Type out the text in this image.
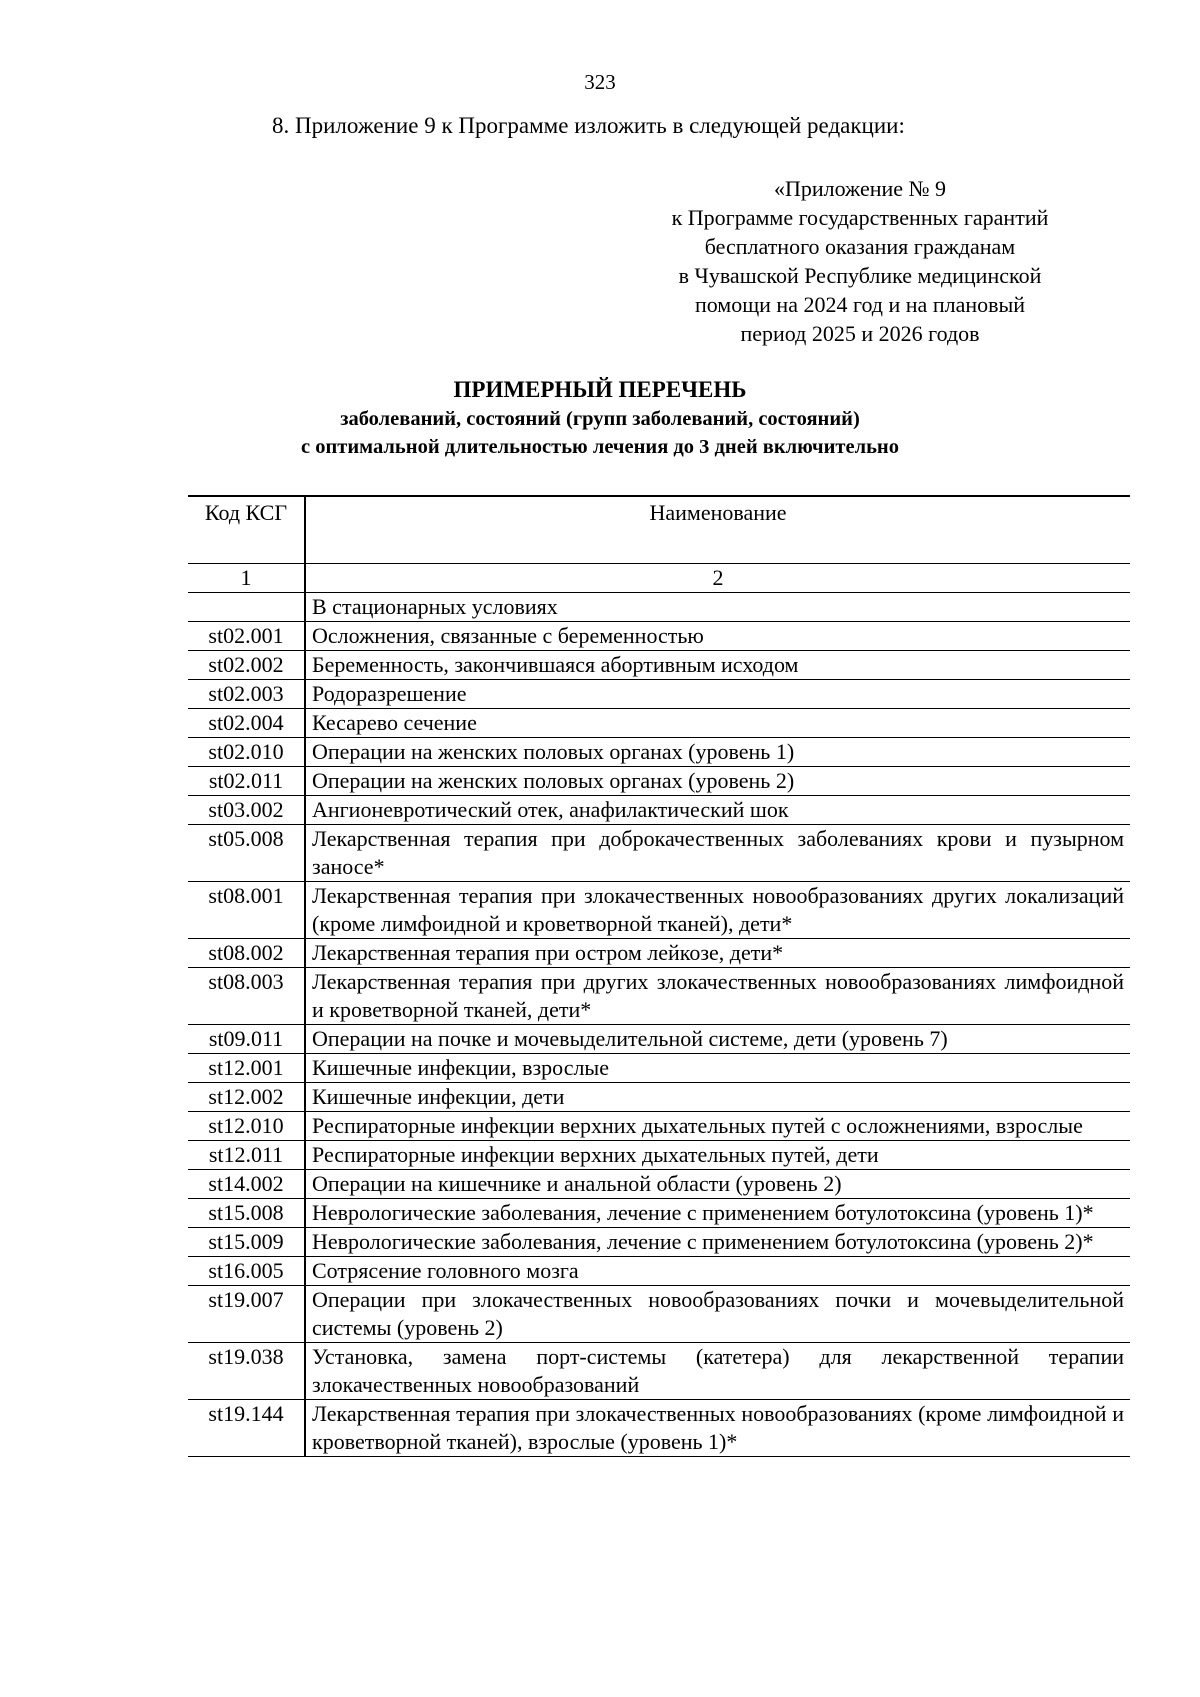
323
8. Приложение 9 к Программе изложить в следующей редакции:
«Приложение № 9
к Программе государственных гарантий
бесплатного оказания гражданам
в Чувашской Республике медицинской
помощи на 2024 год и на плановый
период 2025 и 2026 годов
ПРИМЕРНЫЙ ПЕРЕЧЕНЬ
заболеваний, состояний (групп заболеваний, состояний)
с оптимальной длительностью лечения до 3 дней включительно
Код КСГ	Наименование
1	2
	В стационарных условиях
st02.001	Осложнения, связанные с беременностью
st02.002	Беременность, закончившаяся абортивным исходом
st02.003	Родоразрешение
st02.004	Кесарево сечение
st02.010	Операции на женских половых органах (уровень 1)
st02.011	Операции на женских половых органах (уровень 2)
st03.002	Ангионевротический отек, анафилактический шок
st05.008	Лекарственная терапия при доброкачественных заболеваниях крови и пузырном заносе*
st08.001	Лекарственная терапия при злокачественных новообразованиях других локализаций (кроме лимфоидной и кроветворной тканей), дети*
st08.002	Лекарственная терапия при остром лейкозе, дети*
st08.003	Лекарственная терапия при других злокачественных новообразованиях лимфоидной и кроветворной тканей, дети*
st09.011	Операции на почке и мочевыделительной системе, дети (уровень 7)
st12.001	Кишечные инфекции, взрослые
st12.002	Кишечные инфекции, дети
st12.010	Респираторные инфекции верхних дыхательных путей с осложнениями, взрослые
st12.011	Респираторные инфекции верхних дыхательных путей, дети
st14.002	Операции на кишечнике и анальной области (уровень 2)
st15.008	Неврологические заболевания, лечение с применением ботулотоксина (уровень 1)*
st15.009	Неврологические заболевания, лечение с применением ботулотоксина (уровень 2)*
st16.005	Сотрясение головного мозга
st19.007	Операции при злокачественных новообразованиях почки и мочевыделительной системы (уровень 2)
st19.038	Установка, замена порт-системы (катетера) для лекарственной терапии злокачественных новообразований
st19.144	Лекарственная терапия при злокачественных новообразованиях (кроме лимфоидной и кроветворной тканей), взрослые (уровень 1)*
